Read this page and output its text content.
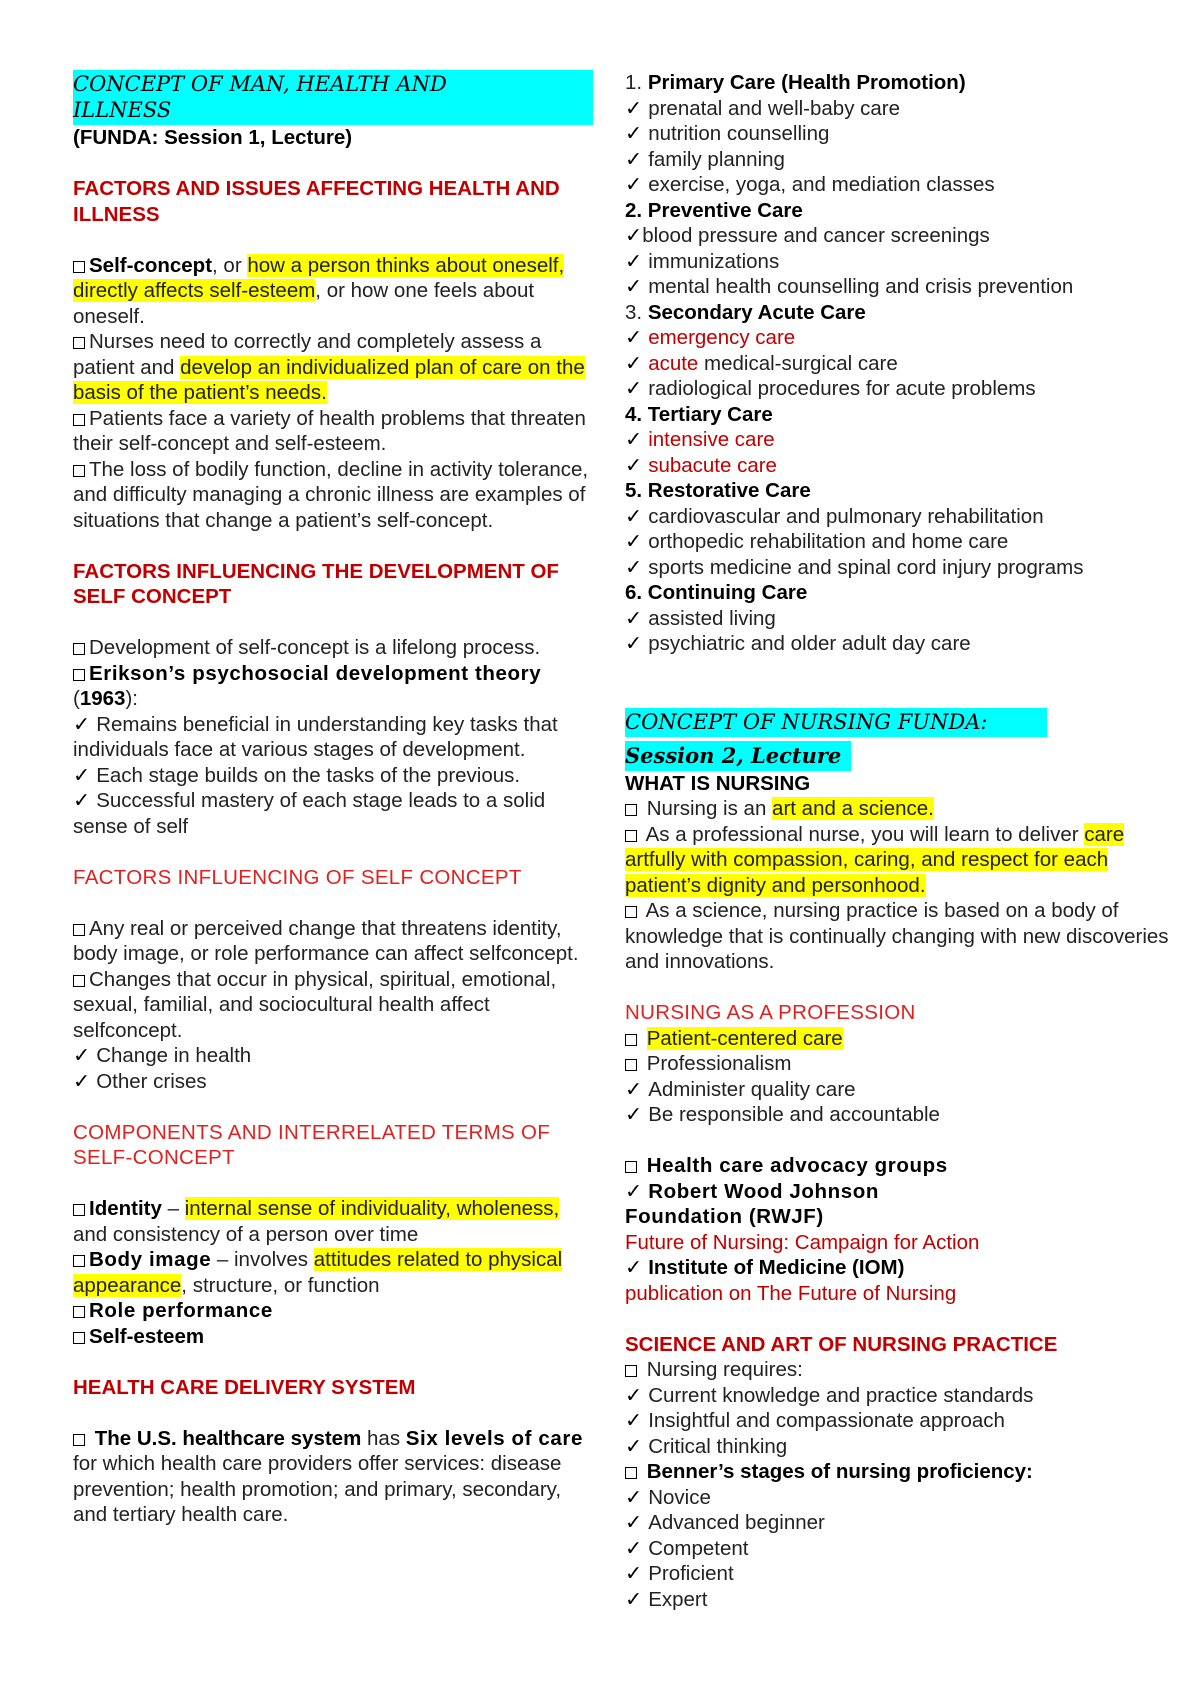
CONCEPT OF MAN, HEALTH AND ILLNESS
(FUNDA: Session 1, Lecture)
FACTORS AND ISSUES AFFECTING HEALTH AND ILLNESS
Self-concept, or how a person thinks about oneself, directly affects self-esteem, or how one feels about oneself.
Nurses need to correctly and completely assess a patient and develop an individualized plan of care on the basis of the patient’s needs.
Patients face a variety of health problems that threaten their self-concept and self-esteem.
The loss of bodily function, decline in activity tolerance, and difficulty managing a chronic illness are examples of situations that change a patient’s self-concept.
FACTORS INFLUENCING THE DEVELOPMENT OF SELF CONCEPT
Development of self-concept is a lifelong process.
Erikson’s psychosocial development theory
(1963):
✓ Remains beneficial in understanding key tasks that individuals face at various stages of development.
✓ Each stage builds on the tasks of the previous.
✓ Successful mastery of each stage leads to a solid sense of self
FACTORS INFLUENCING OF SELF CONCEPT
Any real or perceived change that threatens identity, body image, or role performance can affect selfconcept.
Changes that occur in physical, spiritual, emotional, sexual, familial, and sociocultural health affect selfconcept.
✓ Change in health
✓ Other crises
COMPONENTS AND INTERRELATED TERMS OF SELF-CONCEPT
Identity – internal sense of individuality, wholeness, and consistency of a person over time
Body image – involves attitudes related to physical appearance, structure, or function
Role performance
Self-esteem
HEALTH CARE DELIVERY SYSTEM
The U.S. healthcare system has Six levels of care for which health care providers offer services: disease prevention; health promotion; and primary, secondary, and tertiary health care.
1. Primary Care (Health Promotion)
✓ prenatal and well-baby care
✓ nutrition counselling
✓ family planning
✓ exercise, yoga, and mediation classes
2. Preventive Care
✓blood pressure and cancer screenings
✓ immunizations
✓ mental health counselling and crisis prevention
3. Secondary Acute Care
✓ emergency care
✓ acute medical-surgical care
✓ radiological procedures for acute problems
4. Tertiary Care
✓ intensive care
✓ subacute care
5. Restorative Care
✓ cardiovascular and pulmonary rehabilitation
✓ orthopedic rehabilitation and home care
✓ sports medicine and spinal cord injury programs
6. Continuing Care
✓ assisted living
✓ psychiatric and older adult day care
CONCEPT OF NURSING FUNDA:
Session 2, Lecture
WHAT IS NURSING
Nursing is an art and a science.
As a professional nurse, you will learn to deliver care artfully with compassion, caring, and respect for each patient’s dignity and personhood.
As a science, nursing practice is based on a body of knowledge that is continually changing with new discoveries and innovations.
NURSING AS A PROFESSION
Patient-centered care
Professionalism
✓ Administer quality care
✓ Be responsible and accountable
Health care advocacy groups
✓ Robert Wood Johnson
Foundation (RWJF)
Future of Nursing: Campaign for Action
✓ Institute of Medicine (IOM)
publication on The Future of Nursing
SCIENCE AND ART OF NURSING PRACTICE
Nursing requires:
✓ Current knowledge and practice standards
✓ Insightful and compassionate approach
✓ Critical thinking
Benner’s stages of nursing proficiency:
✓ Novice
✓ Advanced beginner
✓ Competent
✓ Proficient
✓ Expert
